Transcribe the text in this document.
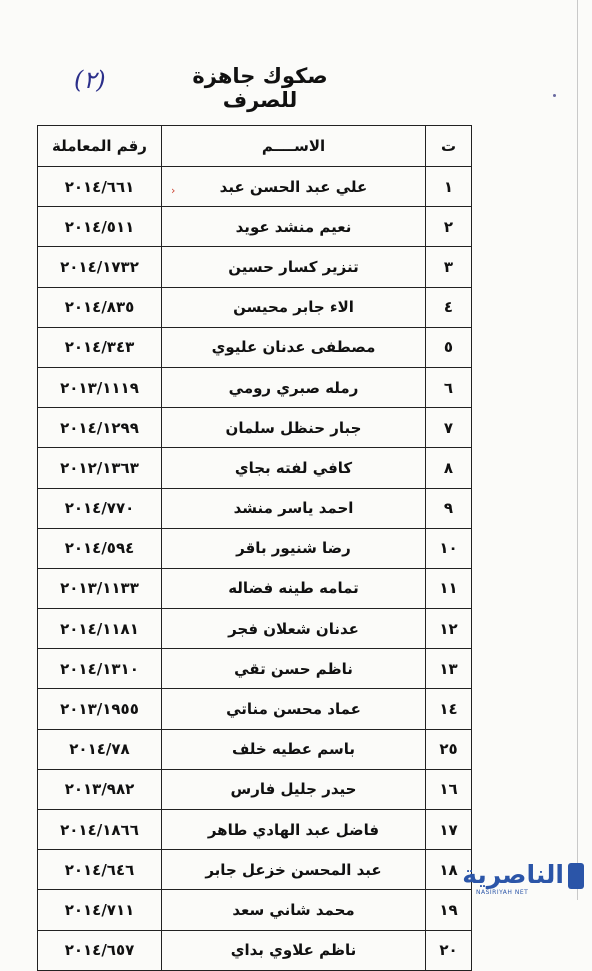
صكوك جاهزة للصرف
(٢)
›
ت	الاســــم	رقم المعاملة
١	علي عبد الحسن عبد	٢٠١٤/٦٦١
٢	نعيم منشد عويد	٢٠١٤/٥١١
٣	تنزير كسار حسين	٢٠١٤/١٧٣٢
٤	الاء جابر محيسن	٢٠١٤/٨٣٥
٥	مصطفى عدنان عليوي	٢٠١٤/٣٤٣
٦	رمله صبري رومي	٢٠١٣/١١١٩
٧	جبار حنظل سلمان	٢٠١٤/١٢٩٩
٨	كافي لفته بجاي	٢٠١٢/١٣٦٣
٩	احمد ياسر منشد	٢٠١٤/٧٧٠
١٠	رضا شنيور باقر	٢٠١٤/٥٩٤
١١	تمامه طينه فضاله	٢٠١٣/١١٣٣
١٢	عدنان شعلان فجر	٢٠١٤/١١٨١
١٣	ناظم حسن تقي	٢٠١٤/١٣١٠
١٤	عماد محسن مناتي	٢٠١٣/١٩٥٥
٢٥	باسم عطيه خلف	٢٠١٤/٧٨
١٦	حيدر جليل فارس	٢٠١٣/٩٨٢
١٧	فاضل عبد الهادي طاهر	٢٠١٤/١٨٦٦
١٨	عبد المحسن خزعل جابر	٢٠١٤/٦٤٦
١٩	محمد شاني سعد	٢٠١٤/٧١١
٢٠	ناظم علاوي بداي	٢٠١٤/٦٥٧
الناصرية
NASIRIYAH NET
